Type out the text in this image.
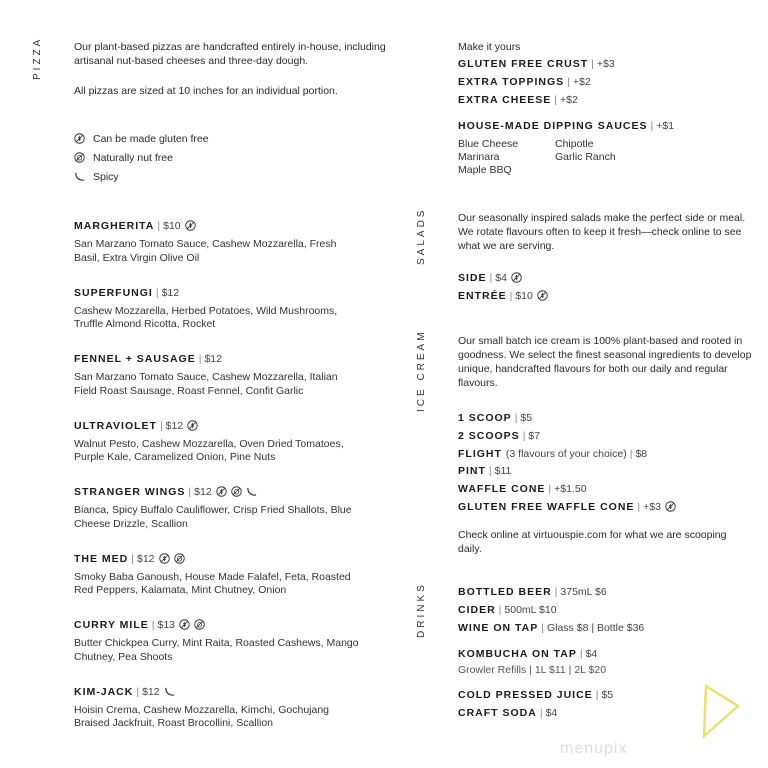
PIZZA	Our plant-based pizzas are handcrafted entirely in-house, including artisanal nut-based cheeses and three-day dough.

All pizzas are sized at 10 inches for an individual portion.

Can be made gluten free
Naturally nut free
Spicy
MARGHERITA | $10
San Marzano Tomato Sauce, Cashew Mozzarella, Fresh Basil, Extra Virgin Olive Oil
SUPERFUNGI | $12
Cashew Mozzarella, Herbed Potatoes, Wild Mushrooms, Truffle Almond Ricotta, Rocket
FENNEL + SAUSAGE | $12
San Marzano Tomato Sauce, Cashew Mozzarella, Italian Field Roast Sausage, Roast Fennel, Confit Garlic
ULTRAVIOLET | $12
Walnut Pesto, Cashew Mozzarella, Oven Dried Tomatoes, Purple Kale, Caramelized Onion, Pine Nuts
STRANGER WINGS | $12
Bianca, Spicy Buffalo Cauliflower, Crisp Fried Shallots, Blue Cheese Drizzle, Scallion
THE MED | $12
Smoky Baba Ganoush, House Made Falafel, Feta, Roasted Red Peppers, Kalamata, Mint Chutney, Onion
CURRY MILE | $13
Butter Chickpea Curry, Mint Raita, Roasted Cashews, Mango Chutney, Pea Shoots
KIM-JACK | $12
Hoisin Crema, Cashew Mozzarella, Kimchi, Gochujang Braised Jackfruit, Roast Brocollini, Scallion
Make it yours
GLUTEN FREE CRUST | +$3
EXTRA TOPPINGS | +$2
EXTRA CHEESE | +$2
HOUSE-MADE DIPPING SAUCES | +$1
Blue Cheese
Marinara
Maple BBQ
Chipotle
Garlic Ranch
SALADS	Our seasonally inspired salads make the perfect side or meal. We rotate flavours often to keep it fresh—check online to see what we are serving.

SIDE | $4
ENTRÉE | $10
ICE CREAM	Our small batch ice cream is 100% plant-based and rooted in goodness. We select the finest seasonal ingredients to develop unique, handcrafted flavours for both our daily and regular flavours.

1 SCOOP | $5
2 SCOOPS | $7
FLIGHT (3 flavours of your choice) | $8
PINT | $11
WAFFLE CONE | +$1.50
GLUTEN FREE WAFFLE CONE | +$3

Check online at virtuouspie.com for what we are scooping daily.

DRINKS	BOTTLED BEER | 375mL $6
CIDER | 500mL $10
WINE ON TAP | Glass $8 | Bottle $36
KOMBUCHA ON TAP | $4
Growler Refills | 1L $11 | 2L $20
COLD PRESSED JUICE | $5
CRAFT SODA | $4
menupix
